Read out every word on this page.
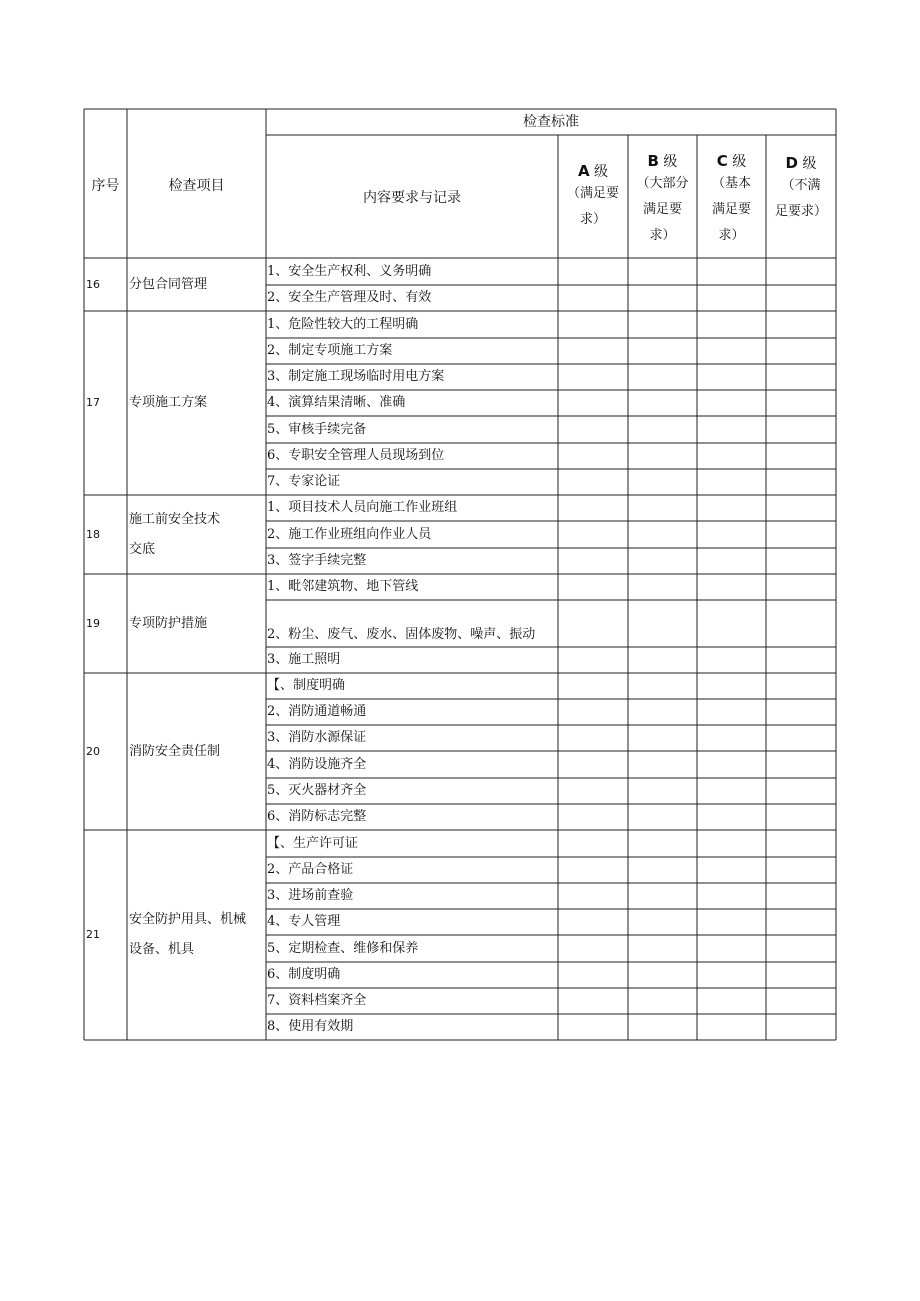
序号	检查项目
检查标准
内容要求与记录
A 级
（满足要
求）
B 级
（大部分
满足要
求）
C 级
（基本
满足要
求）
D 级
（不满
足要求）
16 分包合同管理
1、安全生产权利、义务明确
2、安全生产管理及时、有效
17 专项施工方案
1、危险性较大的工程明确
2、制定专项施工方案
3、制定施工现场临时用电方案
4、演算结果清晰、准确
5、审核手续完备
6、专职安全管理人员现场到位
7、专家论证
18
施工前安全技术
交底
1、项目技术人员向施工作业班组
2、施工作业班组向作业人员
3、签字手续完整
19 专项防护措施
1、毗邻建筑物、地下管线
2、粉尘、废气、废水、固体废物、噪声、振动
3、施工照明
20 消防安全责任制
【、制度明确
2、消防通道畅通
3、消防水源保证
4、消防设施齐全
5、灭火器材齐全
6、消防标志完整
21
安全防护用具、机械
设备、机具
【、生产许可证
2、产品合格证
3、进场前查验
4、专人管理
5、定期检查、维修和保养
6、制度明确
7、资料档案齐全
8、使用有效期
